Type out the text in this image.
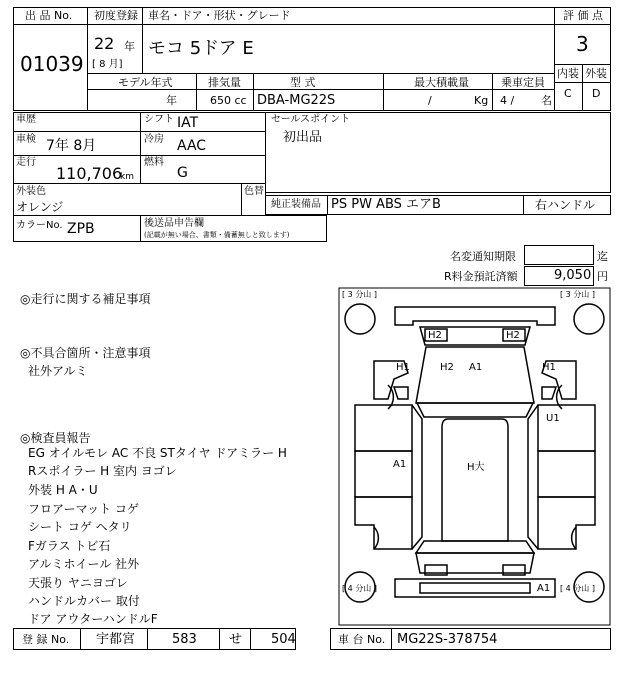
出 品 No.
01039
初度登録
22 年
[ 8 月]
車名・ドア・形状・グレード
モコ 5ドア E
評 価 点
3
内装 外装
C D
モデル年式
年
排気量
650 cc
型 式
DBA-MG22S
最大積載量
/	Kg
乗車定員
4 / 名
車歴	シフト IAT
車検 7年 8月	冷房 AAC
走行
110,706
km
燃料
G
外装色
オレンジ
色替
カラーNo. ZPB	後送品申告欄
(記載が無い場合、書類・備蓄無しと致します)
セールスポイント
初出品
純正装備品 PS PW ABS エアB	右ハンドル
名変通知期限	迄
R料金預託済額	9,050 円
◎走行に関する補足事項
◎不具合箇所・注意事項
社外アルミ
◎検査員報告
EG オイルモレ AC 不良 STタイヤ ドアミラー H
Rスポイラー H 室内 ヨゴレ
外装 H A・U
フロアーマット コゲ
シート コゲ ヘタリ
Fガラス トビ石
アルミホイール 社外
天張り ヤニヨゴレ
ハンドルカバー 取付
ドア アウターハンドルF
[ 3 分山 ]	[ 3 分山 ]
[ 4 分山 ]	[ 4 分山 ]
H2	H2
H1	H2 A1	H1
U1
A1	H大
A1
登 録 No. 宇都宮	583 せ 504	車 台 No. MG22S-378754
